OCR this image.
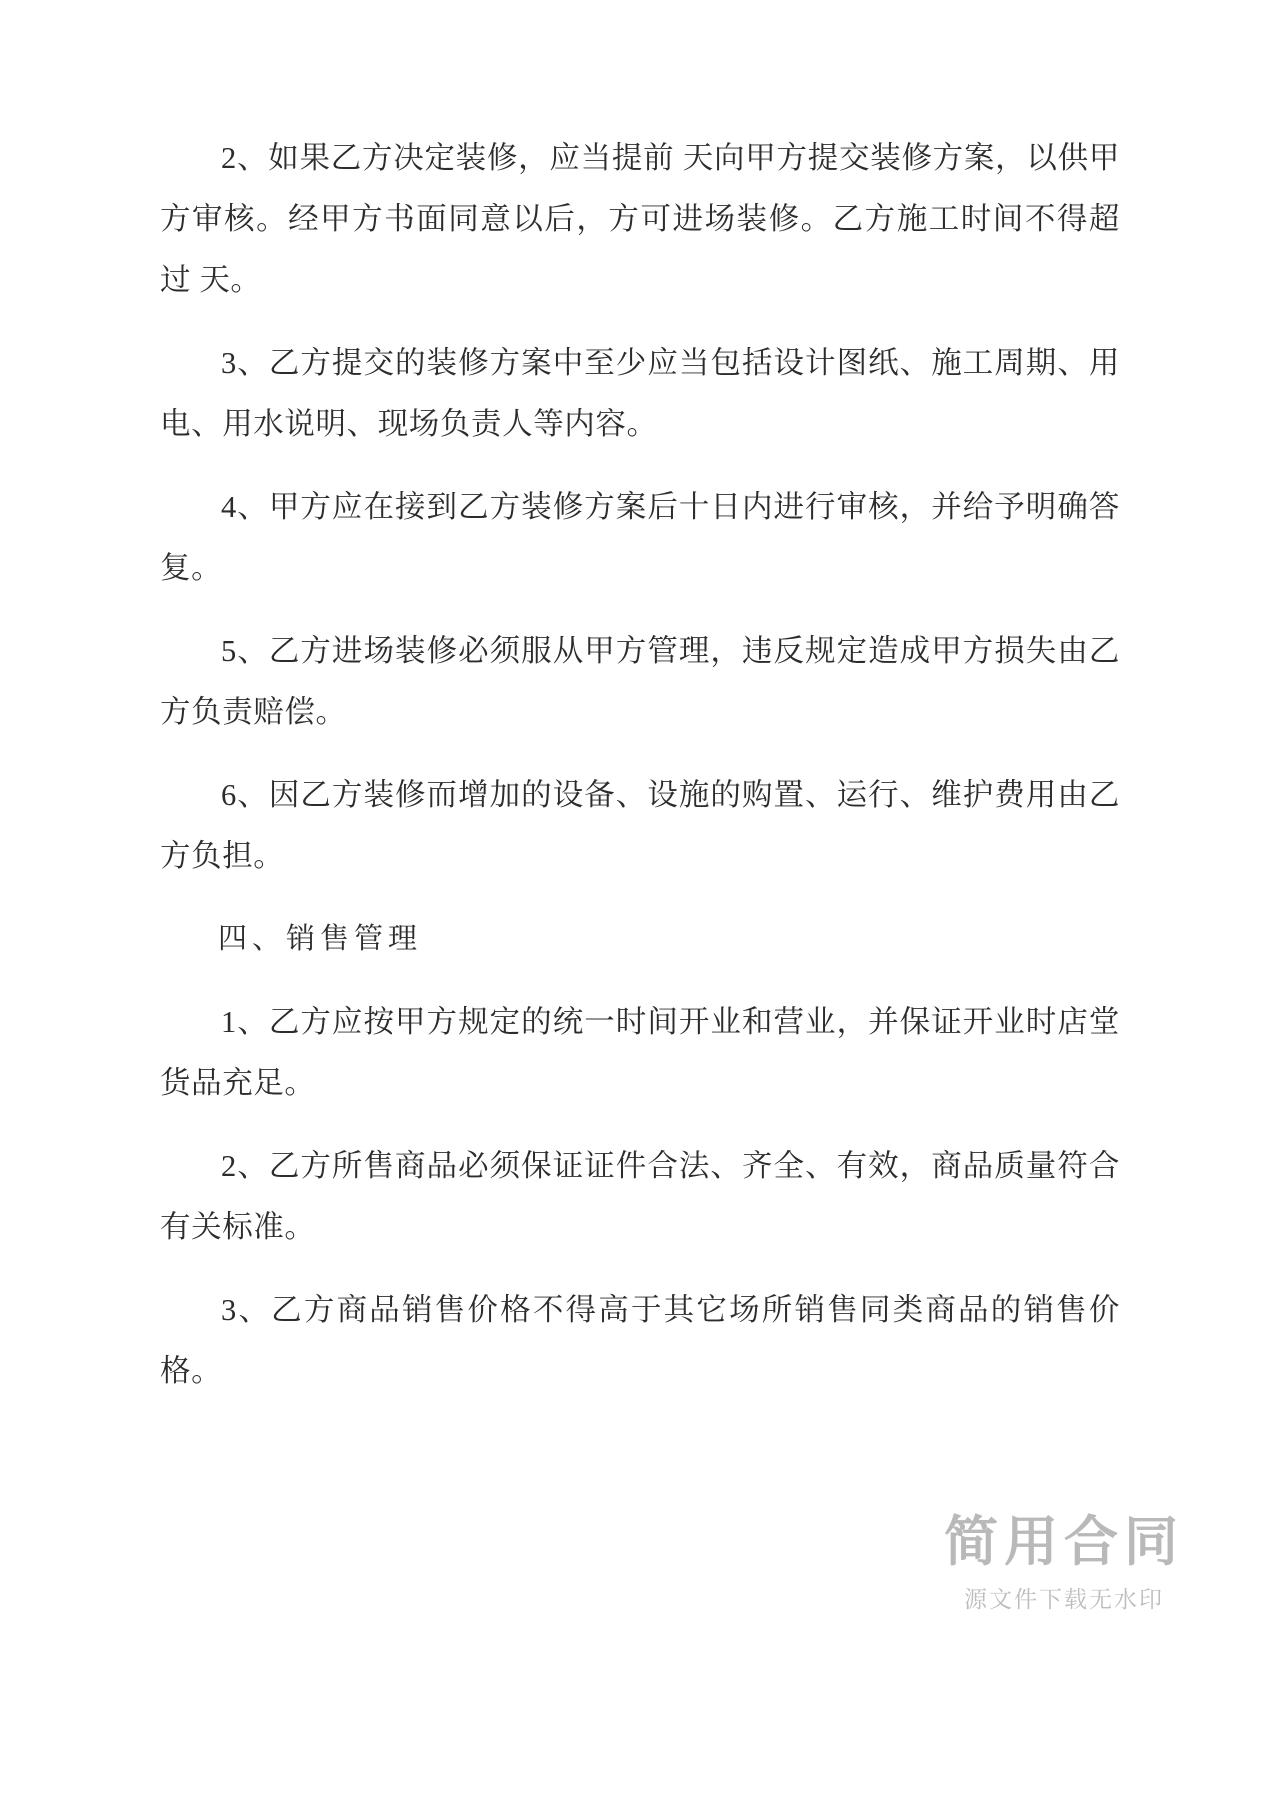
2、如果乙方决定装修，应当提前 天向甲方提交装修方案，以供甲方审核。经甲方书面同意以后，方可进场装修。乙方施工时间不得超过 天。

3、乙方提交的装修方案中至少应当包括设计图纸、施工周期、用电、用水说明、现场负责人等内容。

4、甲方应在接到乙方装修方案后十日内进行审核，并给予明确答复。

5、乙方进场装修必须服从甲方管理，违反规定造成甲方损失由乙方负责赔偿。

6、因乙方装修而增加的设备、设施的购置、运行、维护费用由乙方负担。

四、销售管理

1、乙方应按甲方规定的统一时间开业和营业，并保证开业时店堂货品充足。

2、乙方所售商品必须保证证件合法、齐全、有效，商品质量符合有关标准。

3、乙方商品销售价格不得高于其它场所销售同类商品的销售价格。

简用合同
源文件下载无水印
